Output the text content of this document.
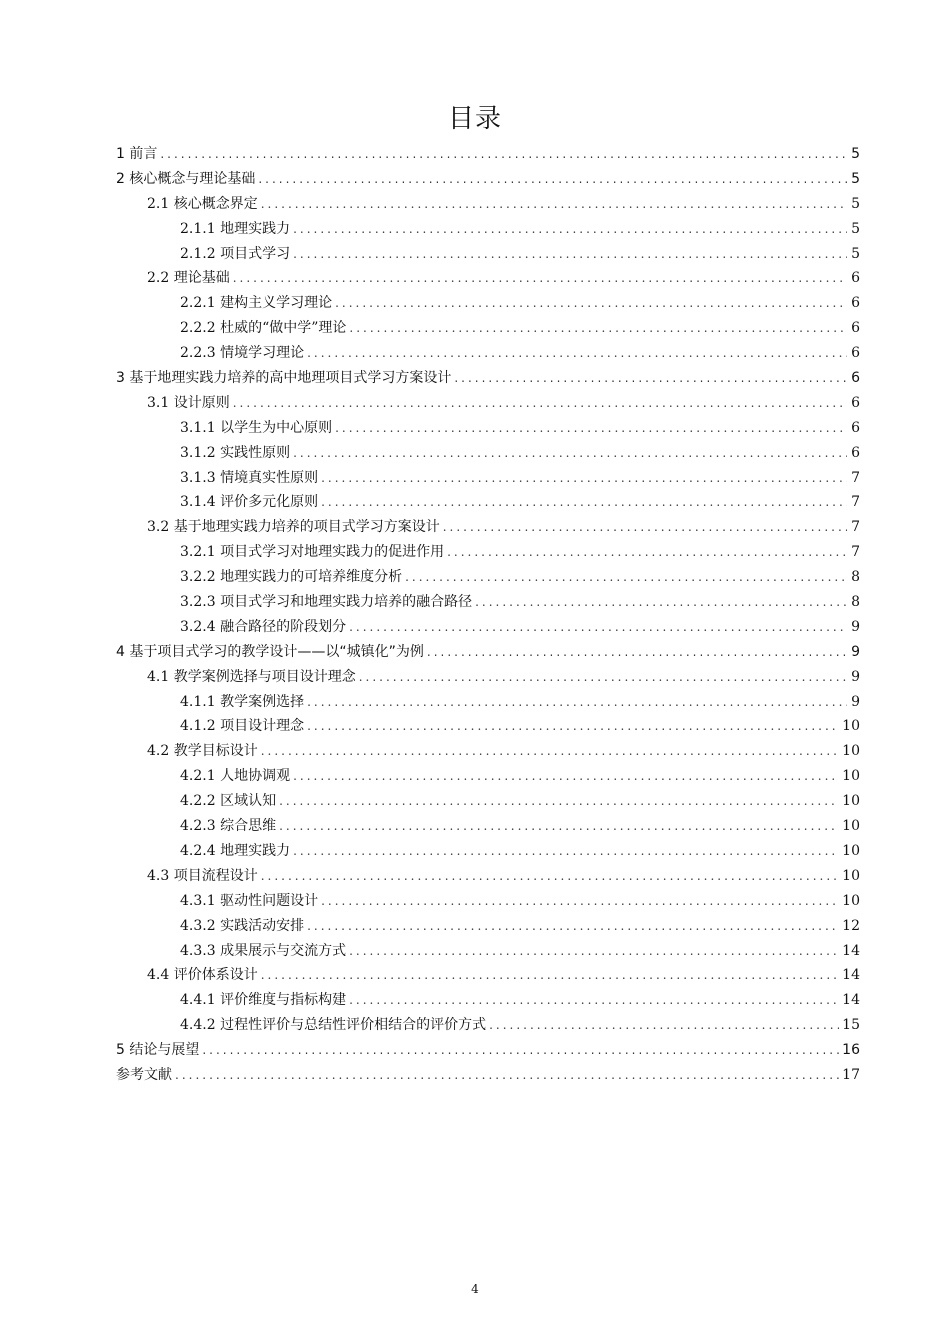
目录
1 前言 .....	5
2 核心概念与理论基础 .....	5
2.1 核心概念界定 .....	5
2.1.1 地理实践力 .....	5
2.1.2 项目式学习 .....	5
2.2 理论基础 .....	6
2.2.1 建构主义学习理论 .....	6
2.2.2 杜威的“做中学”理论 .....	6
2.2.3 情境学习理论 .....	6
3 基于地理实践力培养的高中地理项目式学习方案设计 .....	6
3.1 设计原则 .....	6
3.1.1 以学生为中心原则 .....	6
3.1.2 实践性原则 .....	6
3.1.3 情境真实性原则 .....	7
3.1.4 评价多元化原则 .....	7
3.2 基于地理实践力培养的项目式学习方案设计 .....	7
3.2.1 项目式学习对地理实践力的促进作用 .....	7
3.2.2 地理实践力的可培养维度分析 .....	8
3.2.3 项目式学习和地理实践力培养的融合路径 .....	8
3.2.4 融合路径的阶段划分 .....	9
4 基于项目式学习的教学设计——以“城镇化”为例 .....	9
4.1 教学案例选择与项目设计理念 .....	9
4.1.1 教学案例选择 .....	9
4.1.2 项目设计理念 .....	10
4.2 教学目标设计 .....	10
4.2.1 人地协调观 .....	10
4.2.2 区域认知 .....	10
4.2.3 综合思维 .....	10
4.2.4 地理实践力 .....	10
4.3 项目流程设计 .....	10
4.3.1 驱动性问题设计 .....	10
4.3.2 实践活动安排 .....	12
4.3.3 成果展示与交流方式 .....	14
4.4 评价体系设计 .....	14
4.4.1 评价维度与指标构建 .....	14
4.4.2 过程性评价与总结性评价相结合的评价方式 .....	15
5 结论与展望 .....	16
参考文献 .....	17
4
